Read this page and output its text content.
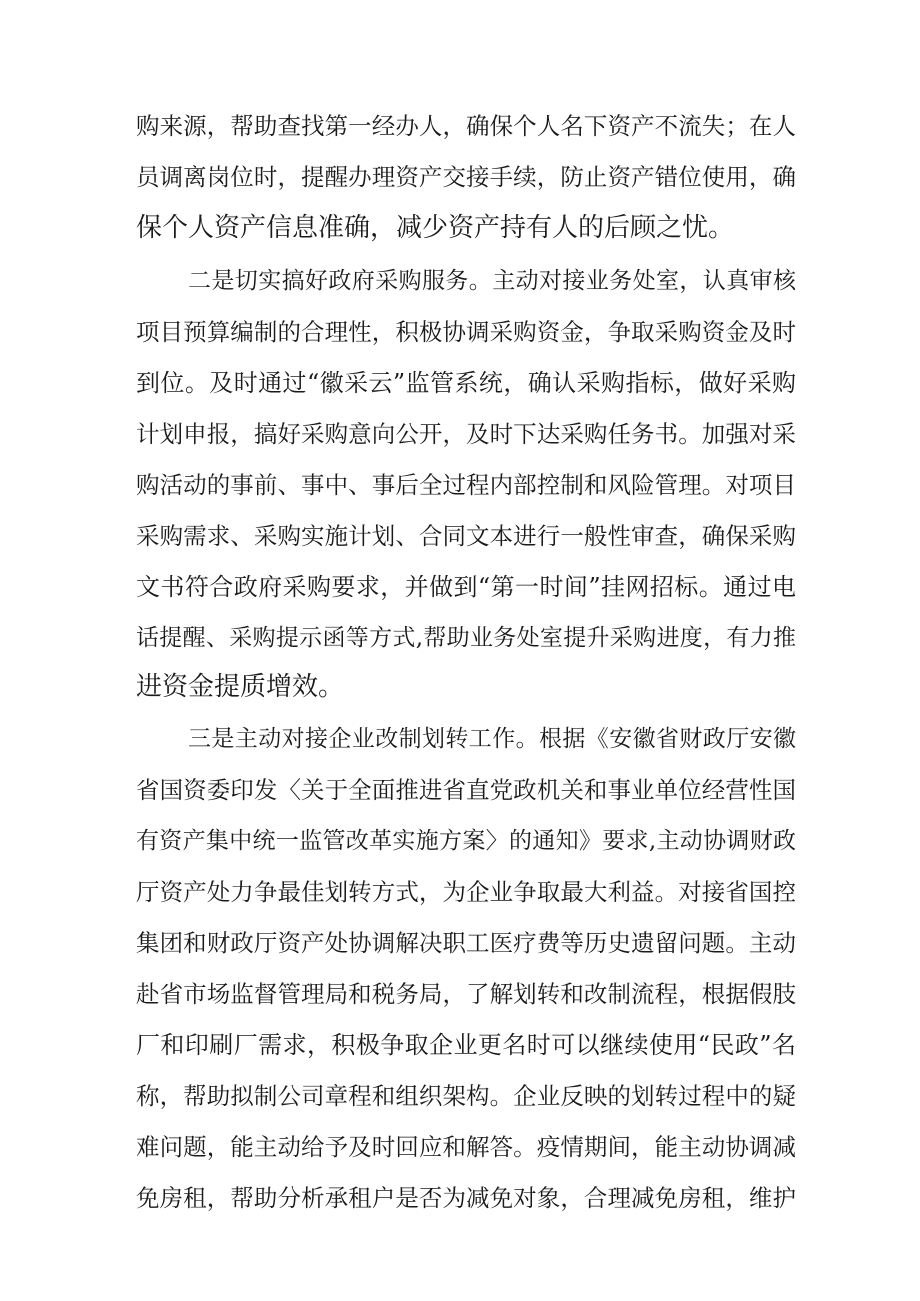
购来源，帮助查找第一经办人，确保个人名下资产不流失；在人

员调离岗位时，提醒办理资产交接手续，防止资产错位使用，确

保个人资产信息准确，减少资产持有人的后顾之忧。

二是切实搞好政府采购服务。主动对接业务处室，认真审核

项目预算编制的合理性，积极协调采购资金，争取采购资金及时

到位。及时通过“徽采云”监管系统，确认采购指标，做好采购

计划申报，搞好采购意向公开，及时下达采购任务书。加强对采

购活动的事前、事中、事后全过程内部控制和风险管理。对项目

采购需求、采购实施计划、合同文本进行一般性审查，确保采购

文书符合政府采购要求，并做到“第一时间”挂网招标。通过电

话提醒、采购提示函等方式,帮助业务处室提升采购进度，有力推

进资金提质增效。

三是主动对接企业改制划转工作。根据《安徽省财政厅安徽

省国资委印发〈关于全面推进省直党政机关和事业单位经营性国

有资产集中统一监管改革实施方案〉的通知》要求,主动协调财政

厅资产处力争最佳划转方式，为企业争取最大利益。对接省国控

集团和财政厅资产处协调解决职工医疗费等历史遗留问题。主动

赴省市场监督管理局和税务局，了解划转和改制流程，根据假肢

厂和印刷厂需求，积极争取企业更名时可以继续使用“民政”名

称，帮助拟制公司章程和组织架构。企业反映的划转过程中的疑

难问题，能主动给予及时回应和解答。疫情期间，能主动协调减

免房租，帮助分析承租户是否为减免对象，合理减免房租，维护
